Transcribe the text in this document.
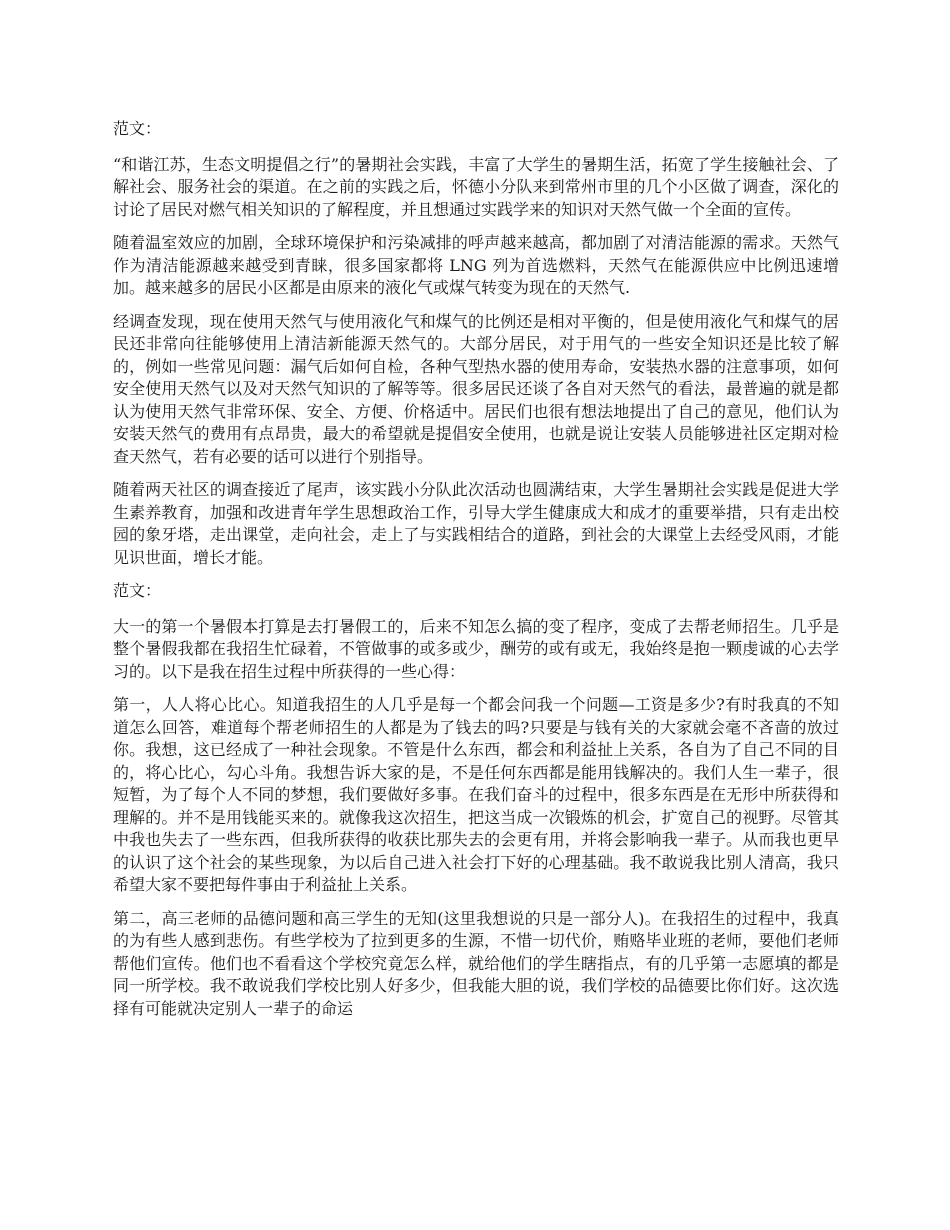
范文：

“和谐江苏，生态文明提倡之行”的暑期社会实践，丰富了大学生的暑期生活，拓宽了学生接触社会、了解社会、服务社会的渠道。在之前的实践之后，怀德小分队来到常州市里的几个小区做了调查，深化的讨论了居民对燃气相关知识的了解程度，并且想通过实践学来的知识对天然气做一个全面的宣传。

随着温室效应的加剧，全球环境保护和污染减排的呼声越来越高，都加剧了对清洁能源的需求。天然气作为清洁能源越来越受到青睐，很多国家都将 LNG 列为首选燃料，天然气在能源供应中比例迅速增加。越来越多的居民小区都是由原来的液化气或煤气转变为现在的天然气.

经调查发现，现在使用天然气与使用液化气和煤气的比例还是相对平衡的，但是使用液化气和煤气的居民还非常向往能够使用上清洁新能源天然气的。大部分居民，对于用气的一些安全知识还是比较了解的，例如一些常见问题：漏气后如何自检，各种气型热水器的使用寿命，安装热水器的注意事项，如何安全使用天然气以及对天然气知识的了解等等。很多居民还谈了各自对天然气的看法，最普遍的就是都认为使用天然气非常环保、安全、方便、价格适中。居民们也很有想法地提出了自己的意见，他们认为安装天然气的费用有点昂贵，最大的希望就是提倡安全使用，也就是说让安装人员能够进社区定期对检查天然气，若有必要的话可以进行个别指导。

随着两天社区的调查接近了尾声，该实践小分队此次活动也圆满结束，大学生暑期社会实践是促进大学生素养教育，加强和改进青年学生思想政治工作，引导大学生健康成大和成才的重要举措，只有走出校园的象牙塔，走出课堂，走向社会，走上了与实践相结合的道路，到社会的大课堂上去经受风雨，才能见识世面，增长才能。

范文：

大一的第一个暑假本打算是去打暑假工的，后来不知怎么搞的变了程序，变成了去帮老师招生。几乎是整个暑假我都在我招生忙碌着，不管做事的或多或少，酬劳的或有或无，我始终是抱一颗虔诚的心去学习的。以下是我在招生过程中所获得的一些心得：

第一，人人将心比心。知道我招生的人几乎是每一个都会问我一个问题—工资是多少?有时我真的不知道怎么回答，难道每个帮老师招生的人都是为了钱去的吗?只要是与钱有关的大家就会毫不吝啬的放过你。我想，这已经成了一种社会现象。不管是什么东西，都会和利益扯上关系，各自为了自己不同的目的，将心比心，勾心斗角。我想告诉大家的是，不是任何东西都是能用钱解决的。我们人生一辈子，很短暂，为了每个人不同的梦想，我们要做好多事。在我们奋斗的过程中，很多东西是在无形中所获得和理解的。并不是用钱能买来的。就像我这次招生，把这当成一次锻炼的机会，扩宽自己的视野。尽管其中我也失去了一些东西，但我所获得的收获比那失去的会更有用，并将会影响我一辈子。从而我也更早的认识了这个社会的某些现象，为以后自己进入社会打下好的心理基础。我不敢说我比别人清高，我只希望大家不要把每件事由于利益扯上关系。

第二，高三老师的品德问题和高三学生的无知(这里我想说的只是一部分人)。在我招生的过程中，我真的为有些人感到悲伤。有些学校为了拉到更多的生源，不惜一切代价，贿赂毕业班的老师，要他们老师帮他们宣传。他们也不看看这个学校究竟怎么样，就给他们的学生瞎指点，有的几乎第一志愿填的都是同一所学校。我不敢说我们学校比别人好多少，但我能大胆的说，我们学校的品德要比你们好。这次选择有可能就决定别人一辈子的命运
